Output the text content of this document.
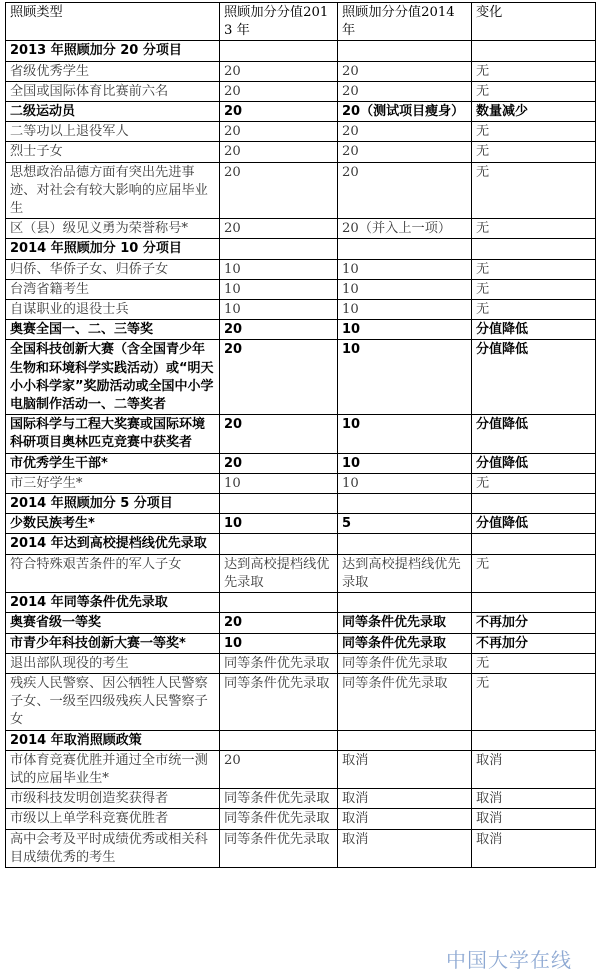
照顾类型	照顾加分分值2013 年	照顾加分分值2014 年	变化
2013 年照顾加分 20 分项目			
省级优秀学生	20	20	无
全国或国际体育比赛前六名	20	20	无
二级运动员	20	20（测试项目瘦身）	数量减少
二等功以上退役军人	20	20	无
烈士子女	20	20	无
思想政治品德方面有突出先进事迹、对社会有较大影响的应届毕业生	20	20	无
区（县）级见义勇为荣誉称号*	20	20（并入上一项）	无
2014 年照顾加分 10 分项目			
归侨、华侨子女、归侨子女	10	10	无
台湾省籍考生	10	10	无
自谋职业的退役士兵	10	10	无
奥赛全国一、二、三等奖	20	10	分值降低
全国科技创新大赛（含全国青少年生物和环境科学实践活动）或“明天小小科学家”奖励活动或全国中小学电脑制作活动一、二等奖者	20	10	分值降低
国际科学与工程大奖赛或国际环境科研项目奥林匹克竞赛中获奖者	20	10	分值降低
市优秀学生干部*	20	10	分值降低
市三好学生*	10	10	无
2014 年照顾加分 5 分项目			
少数民族考生*	10	5	分值降低
2014 年达到高校提档线优先录取			
符合特殊艰苦条件的军人子女	达到高校提档线优先录取	达到高校提档线优先录取	无
2014 年同等条件优先录取			
奥赛省级一等奖	20	同等条件优先录取	不再加分
市青少年科技创新大赛一等奖*	10	同等条件优先录取	不再加分
退出部队现役的考生	同等条件优先录取	同等条件优先录取	无
残疾人民警察、因公牺牲人民警察子女、一级至四级残疾人民警察子女	同等条件优先录取	同等条件优先录取	无
2014 年取消照顾政策			
市体育竞赛优胜并通过全市统一测试的应届毕业生*	20	取消	取消
市级科技发明创造奖获得者	同等条件优先录取	取消	取消
市级以上单学科竞赛优胜者	同等条件优先录取	取消	取消
高中会考及平时成绩优秀或相关科目成绩优秀的考生	同等条件优先录取	取消	取消
中国大学在线
